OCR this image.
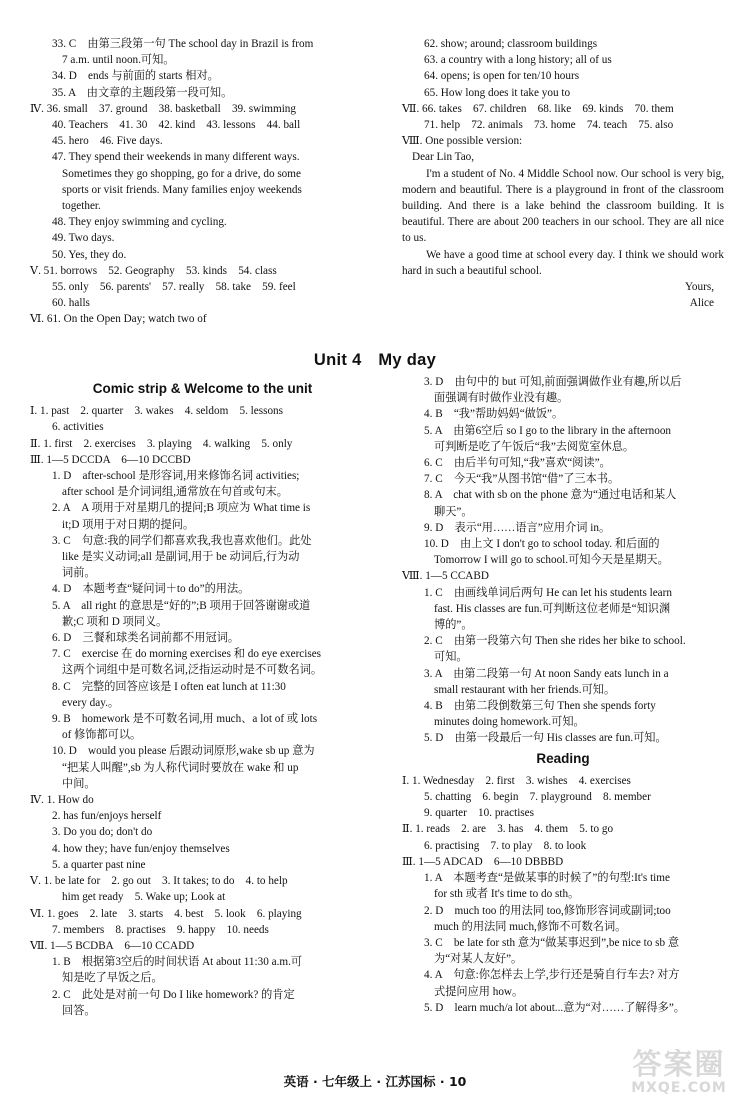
33. C　由第三段第一句 The school day in Brazil is from
7 a.m. until noon.可知。
34. D　ends 与前面的 starts 相对。
35. A　由文章的主题段第一段可知。
Ⅳ. 36. small　37. ground　38. basketball　39. swimming
40. Teachers　41. 30　42. kind　43. lessons　44. ball
45. hero　46. Five days.
47. They spend their weekends in many different ways.
Sometimes they go shopping, go for a drive, do some
sports or visit friends. Many families enjoy weekends
together.
48. They enjoy swimming and cycling.
49. Two days.
50. Yes, they do.
Ⅴ. 51. borrows　52. Geography　53. kinds　54. class
55. only　56. parents'　57. really　58. take　59. feel
60. halls
Ⅵ. 61. On the Open Day; watch two of
62. show; around; classroom buildings
63. a country with a long history; all of us
64. opens; is open for ten/10 hours
65. How long does it take you to
Ⅶ. 66. takes　67. children　68. like　69. kinds　70. them
71. help　72. animals　73. home　74. teach　75. also
Ⅷ. One possible version:

Dear Lin Tao,

I'm a student of No. 4 Middle School now. Our school is very big, modern and beautiful. There is a playground in front of the classroom building. And there is a lake behind the classroom building. It is beautiful. There are about 200 teachers in our school. They are all nice to us.

We have a good time at school every day. I think we should work hard in such a beautiful school.

Yours,
Alice
Unit 4　My day
Comic strip & Welcome to the unit
Ⅰ. 1. past　2. quarter　3. wakes　4. seldom　5. lessons
6. activities
Ⅱ. 1. first　2. exercises　3. playing　4. walking　5. only
Ⅲ. 1—5 DCCDA　6—10 DCCBD
1. D　after-school 是形容词,用来修饰名词 activities;
after school 是介词词组,通常放在句首或句末。
2. A　A 项用于对星期几的提问;B 项应为 What time is
it;D 项用于对日期的提问。
3. C　句意:我的同学们都喜欢我,我也喜欢他们。此处
like 是实义动词;all 是副词,用于 be 动词后,行为动
词前。
4. D　本题考查“疑问词＋to do”的用法。
5. A　all right 的意思是“好的”;B 项用于回答谢谢或道
歉;C 项和 D 项同义。
6. D　三餐和球类名词前都不用冠词。
7. C　exercise 在 do morning exercises 和 do eye exercises
这两个词组中是可数名词,泛指运动时是不可数名词。
8. C　完整的回答应该是 I often eat lunch at 11:30
every day.。
9. B　homework 是不可数名词,用 much、a lot of 或 lots
of 修饰都可以。
10. D　would you please 后跟动词原形,wake sb up 意为
“把某人叫醒”,sb 为人称代词时要放在 wake 和 up
中间。
Ⅳ. 1. How do
2. has fun/enjoys herself
3. Do you do; don't do
4. how they; have fun/enjoy themselves
5. a quarter past nine
Ⅴ. 1. be late for　2. go out　3. It takes; to do　4. to help
him get ready　5. Wake up; Look at
Ⅵ. 1. goes　2. late　3. starts　4. best　5. look　6. playing
7. members　8. practises　9. happy　10. needs
Ⅶ. 1—5 BCDBA　6—10 CCADD
1. B　根据第3空后的时间状语 At about 11:30 a.m.可
知是吃了早饭之后。
2. C　此处是对前一句 Do I like homework? 的肯定
回答。
3. D　由句中的 but 可知,前面强调做作业有趣,所以后
面强调有时做作业没有趣。
4. B　“我”帮助妈妈“做饭”。
5. A　由第6空后 so I go to the library in the afternoon
可判断是吃了午饭后“我”去阅览室休息。
6. C　由后半句可知,“我”喜欢“阅读”。
7. C　今天“我”从图书馆“借”了三本书。
8. A　chat with sb on the phone 意为“通过电话和某人
聊天”。
9. D　表示“用……语言”应用介词 in。
10. D　由上文 I don't go to school today. 和后面的
Tomorrow I will go to school.可知今天是星期天。
Ⅷ. 1—5 CCABD
1. C　由画线单词后两句 He can let his students learn
fast. His classes are fun.可判断这位老师是“知识渊
博的”。
2. C　由第一段第六句 Then she rides her bike to school.
可知。
3. A　由第二段第一句 At noon Sandy eats lunch in a
small restaurant with her friends.可知。
4. B　由第二段倒数第三句 Then she spends forty
minutes doing homework.可知。
5. D　由第一段最后一句 His classes are fun.可知。
Reading
Ⅰ. 1. Wednesday　2. first　3. wishes　4. exercises
5. chatting　6. begin　7. playground　8. member
9. quarter　10. practises
Ⅱ. 1. reads　2. are　3. has　4. them　5. to go
6. practising　7. to play　8. to look
Ⅲ. 1—5 ADCAD　6—10 DBBBD
1. A　本题考查“是做某事的时候了”的句型:It's time
for sth 或者 It's time to do sth。
2. D　much too 的用法同 too,修饰形容词或副词;too
much 的用法同 much,修饰不可数名词。
3. C　be late for sth 意为“做某事迟到”,be nice to sb 意
为“对某人友好”。
4. A　句意:你怎样去上学,步行还是骑自行车去? 对方
式提问应用 how。
5. D　learn much/a lot about...意为“对……了解得多”。
英语 · 七年级上 · 江苏国标 · 10
答案圈
MXQE.COM
